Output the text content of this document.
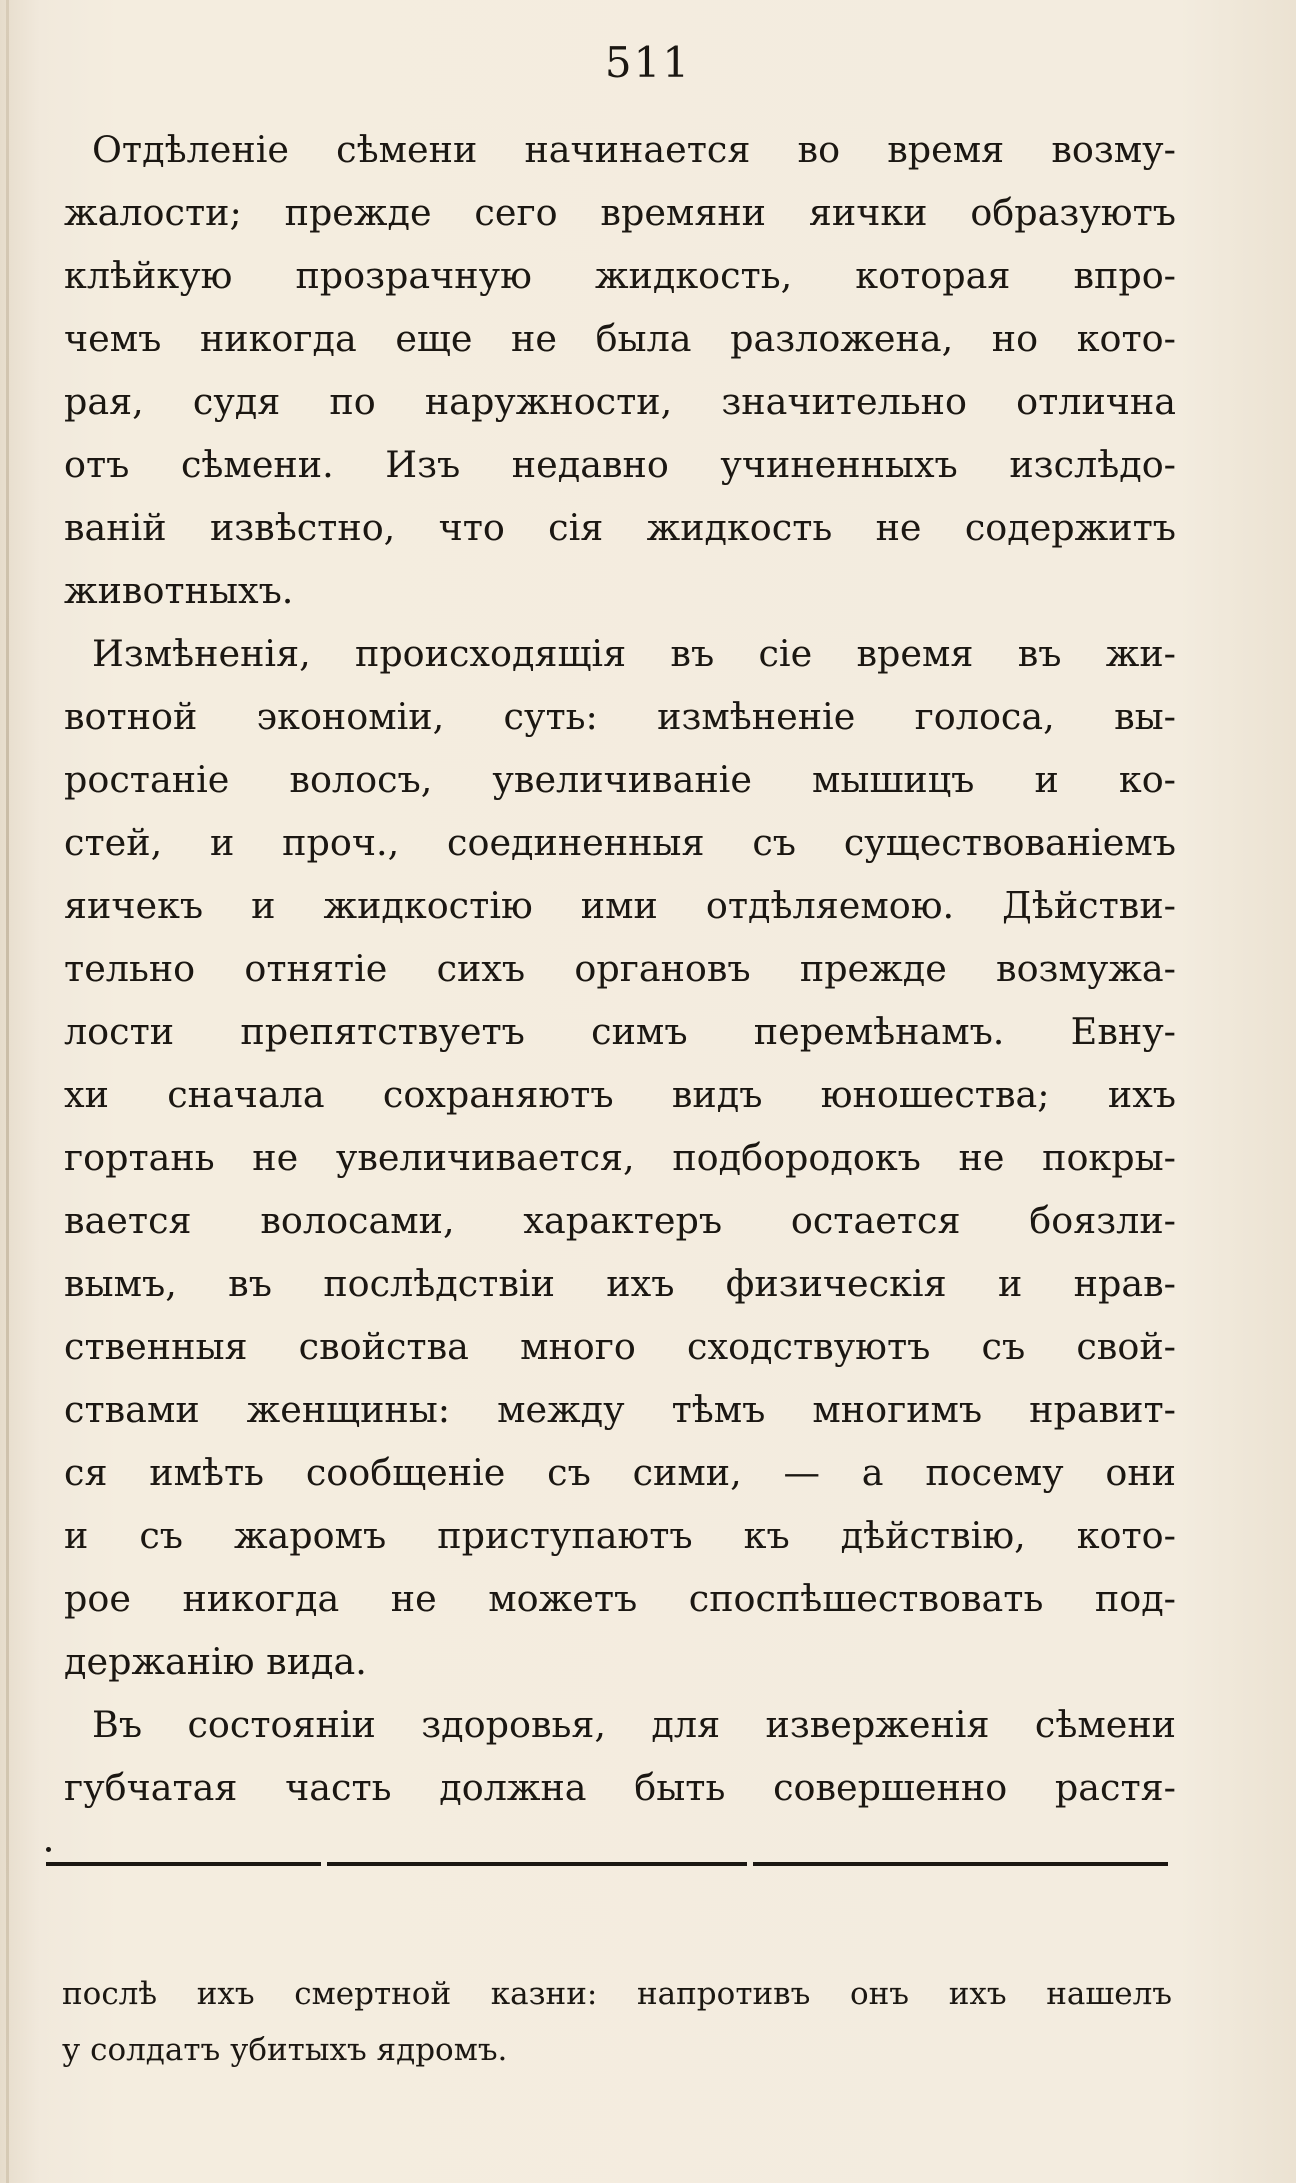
511
Отдѣленіе сѣмени начинается во время возму-
жалости; прежде сего времяни яички образуютъ
клѣйкую прозрачную жидкость, которая впро-
чемъ никогда еще не была разложена, но кото-
рая, судя по наружности, значительно отлична
отъ сѣмени. Изъ недавно учиненныхъ изслѣдо-
ваній извѣстно, что сія жидкость не содержитъ
животныхъ.
Измѣненія, происходящія въ сіе время въ жи-
вотной экономіи, суть: измѣненіе голоса, вы-
ростаніе волосъ, увеличиваніе мышицъ и ко-
стей, и проч., соединенныя съ существованіемъ
яичекъ и жидкостію ими отдѣляемою. Дѣйстви-
тельно отнятіе сихъ органовъ прежде возмужа-
лости препятствуетъ симъ перемѣнамъ. Евну-
хи сначала сохраняютъ видъ юношества; ихъ
гортань не увеличивается, подбородокъ не покры-
вается волосами, характеръ остается боязли-
вымъ, въ послѣдствіи ихъ физическія и нрав-
ственныя свойства много сходствуютъ съ свой-
ствами женщины: между тѣмъ многимъ нравит-
ся имѣть сообщеніе съ сими, — а посему они
и съ жаромъ приступаютъ къ дѣйствію, кото-
рое никогда не можетъ споспѣшествовать под-
держанію вида.
Въ состояніи здоровья, для изверженія сѣмени
губчатая часть должна быть совершенно растя-
послѣ ихъ смертной казни: напротивъ онъ ихъ нашелъ
у солдатъ убитыхъ ядромъ.
